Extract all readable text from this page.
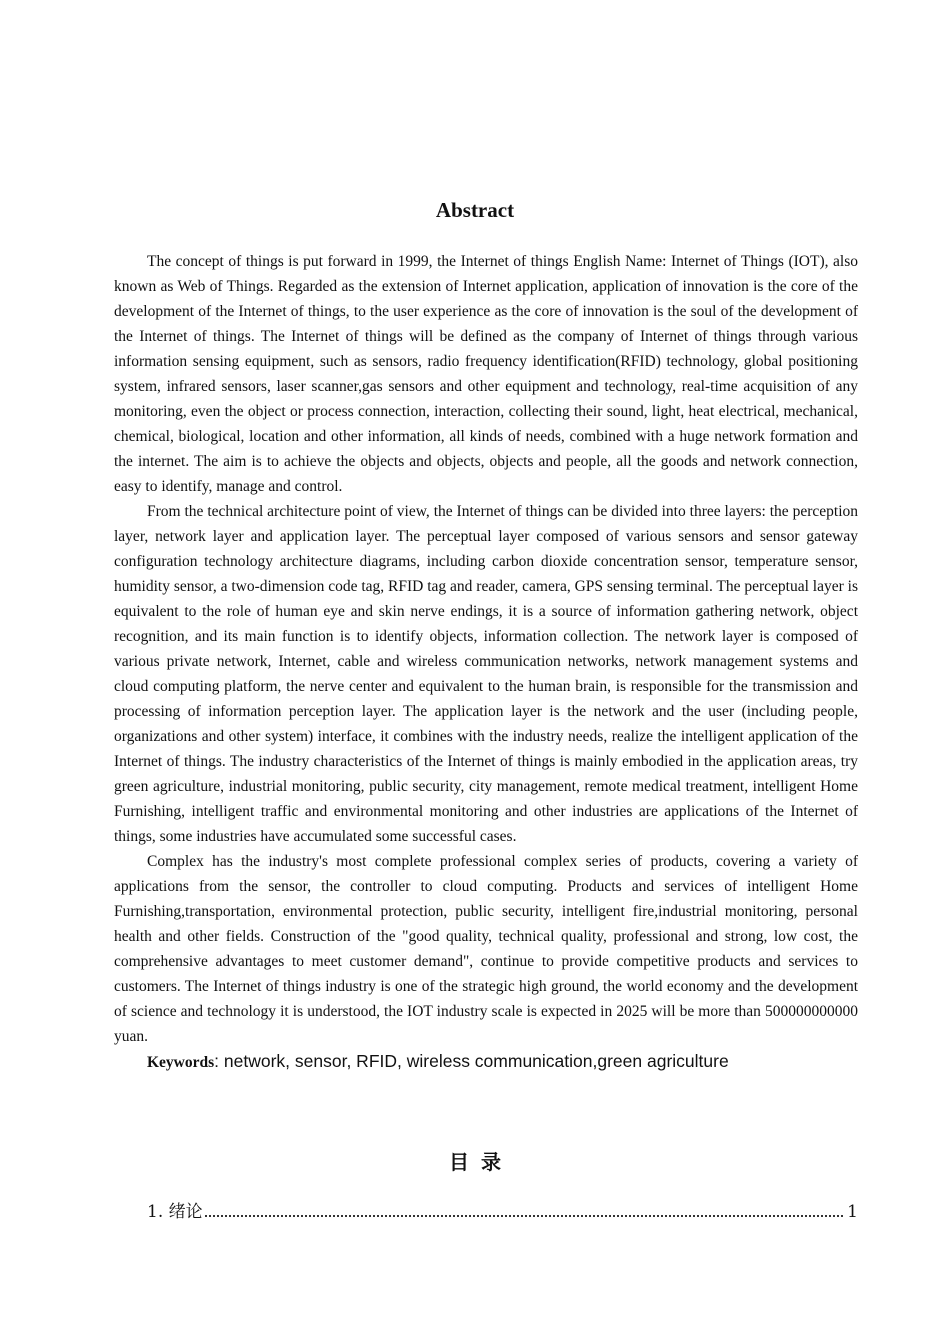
Abstract

The concept of things is put forward in 1999, the Internet of things English Name: Internet of Things (IOT), also known as Web of Things. Regarded as the extension of Internet application, application of innovation is the core of the development of the Internet of things, to the user experience as the core of innovation is the soul of the development of the Internet of things. The Internet of things will be defined as the company of Internet of things through various information sensing equipment, such as sensors, radio frequency identification(RFID) technology, global positioning system, infrared sensors, laser scanner,gas sensors and other equipment and technology, real-time acquisition of any monitoring, even the object or process connection, interaction, collecting their sound, light, heat electrical, mechanical, chemical, biological, location and other information, all kinds of needs, combined with a huge network formation and the internet. The aim is to achieve the objects and objects, objects and people, all the goods and network connection, easy to identify, manage and control.

From the technical architecture point of view, the Internet of things can be divided into three layers: the perception layer, network layer and application layer. The perceptual layer composed of various sensors and sensor gateway configuration technology architecture diagrams, including carbon dioxide concentration sensor, temperature sensor, humidity sensor, a two-dimension code tag, RFID tag and reader, camera, GPS sensing terminal. The perceptual layer is equivalent to the role of human eye and skin nerve endings, it is a source of information gathering network, object recognition, and its main function is to identify objects, information collection. The network layer is composed of various private network, Internet, cable and wireless communication networks, network management systems and cloud computing platform, the nerve center and equivalent to the human brain, is responsible for the transmission and processing of information perception layer. The application layer is the network and the user (including people, organizations and other system) interface, it combines with the industry needs, realize the intelligent application of the Internet of things. The industry characteristics of the Internet of things is mainly embodied in the application areas, try green agriculture, industrial monitoring, public security, city management, remote medical treatment, intelligent Home Furnishing, intelligent traffic and environmental monitoring and other industries are applications of the Internet of things, some industries have accumulated some successful cases.

Complex has the industry's most complete professional complex series of products, covering a variety of applications from the sensor, the controller to cloud computing. Products and services of intelligent Home Furnishing,transportation, environmental protection, public security, intelligent fire,industrial monitoring, personal health and other fields. Construction of the "good quality, technical quality, professional and strong, low cost, the comprehensive advantages to meet customer demand", continue to provide competitive products and services to customers. The Internet of things industry is one of the strategic high ground, the world economy and the development of science and technology it is understood, the IOT industry scale is expected in 2025 will be more than 500000000000 yuan.

Keywords: network, sensor, RFID, wireless communication,green agriculture

目录
1. 绪论	1
